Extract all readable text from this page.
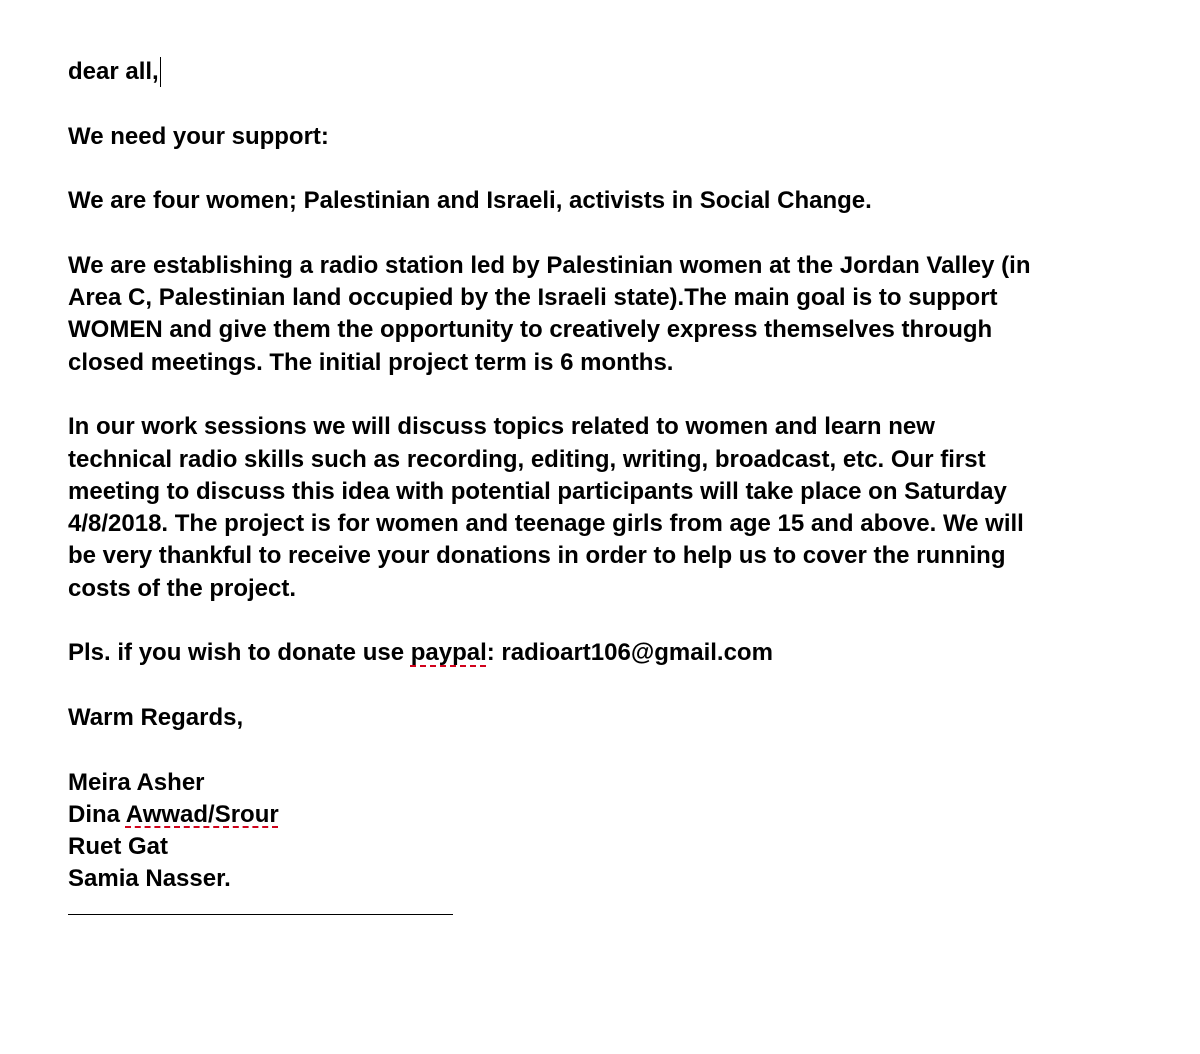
dear all,
We need your support:
We are four women; Palestinian and Israeli, activists in Social Change.
We are establishing a radio station led by Palestinian women at the Jordan Valley (in
Area C, Palestinian land occupied by the Israeli state).The main goal is to support
WOMEN and give them the opportunity to creatively express themselves through
closed meetings. The initial project term is 6 months.
In our work sessions we will discuss topics related to women and learn new
technical radio skills such as recording, editing, writing, broadcast, etc. Our first
meeting to discuss this idea with potential participants will take place on Saturday
4/8/2018. The project is for women and teenage girls from age 15 and above. We will
be very thankful to receive your donations in order to help us to cover the running
costs of the project.
Pls. if you wish to donate use paypal: radioart106@gmail.com
Warm Regards,
Meira Asher
Dina Awwad/Srour
Ruet Gat
Samia Nasser.
